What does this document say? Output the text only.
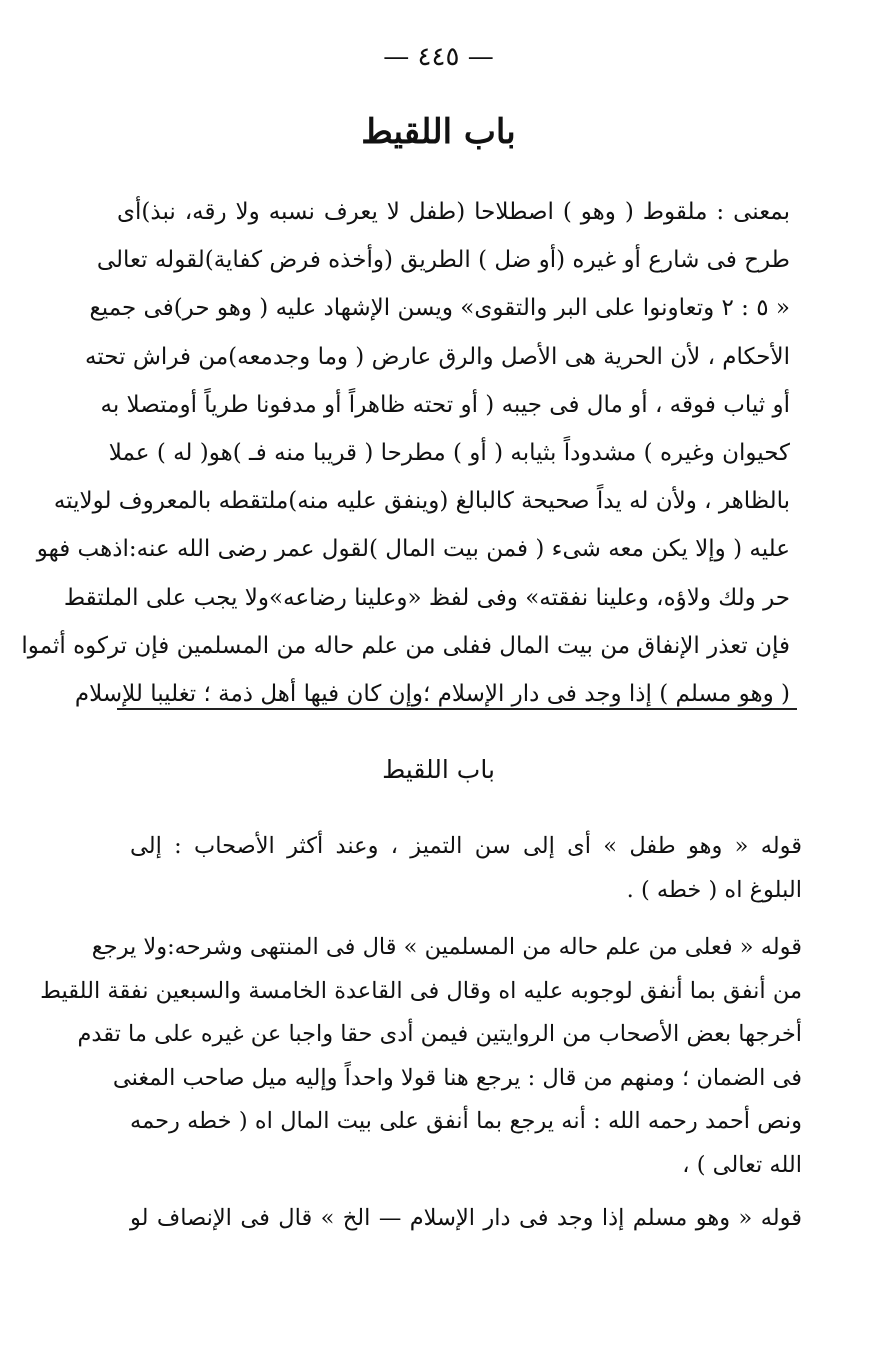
— ٤٤٥ —
باب اللقيط
بمعنى : ملقوط ( وهو ) اصطلاحا (طفل لا يعرف نسبه ولا رقه، نبذ)أى
طرح فى شارع أو غيره (أو ضل ) الطريق (وأخذه فرض كفاية)لقوله تعالى
« ٥ : ٢ وتعاونوا على البر والتقوى» ويسن الإشهاد عليه ( وهو حر)فى جميع
الأحكام ، لأن الحرية هى الأصل والرق عارض ( وما وجدمعه)من فراش تحته
أو ثياب فوقه ، أو مال فى جيبه ( أو تحته ظاهراً أو مدفونا طرياً أومتصلا به
كحيوان وغيره ) مشدوداً بثيابه ( أو ) مطرحا ( قريبا منه فـ )هو( له ) عملا
بالظاهر ، ولأن له يداً صحيحة كالبالغ (وينفق عليه منه)ملتقطه بالمعروف لولايته
عليه ( وإلا يكن معه شىء ( فمن بيت المال )لقول عمر رضى الله عنه:اذهب فهو
حر ولك ولاؤه، وعلينا نفقته» وفى لفظ «وعلينا رضاعه»ولا يجب على الملتقط
فإن تعذر الإنفاق من بيت المال ففلى من علم حاله من المسلمين فإن تركوه أثموا
( وهو مسلم ) إذا وجد فى دار الإسلام ؛وإن كان فيها أهل ذمة ؛ تغليبا للإسلام
باب اللقيط
قوله « وهو طفل » أى إلى سن التميز ، وعند أكثر الأصحاب : إلى
البلوغ اه ( خطه ) .
قوله « فعلى من علم حاله من المسلمين » قال فى المنتهى وشرحه:ولا يرجع
من أنفق بما أنفق لوجوبه عليه اه وقال فى القاعدة الخامسة والسبعين نفقة اللقيط
أخرجها بعض الأصحاب من الروايتين فيمن أدى حقا واجبا عن غيره على ما تقدم
فى الضمان ؛ ومنهم من قال : يرجع هنا قولا واحداً وإليه ميل صاحب المغنى
ونص أحمد رحمه الله : أنه يرجع بما أنفق على بيت المال اه ( خطه رحمه
الله تعالى ) ،
قوله « وهو مسلم إذا وجد فى دار الإسلام — الخ » قال فى الإنصاف لو
